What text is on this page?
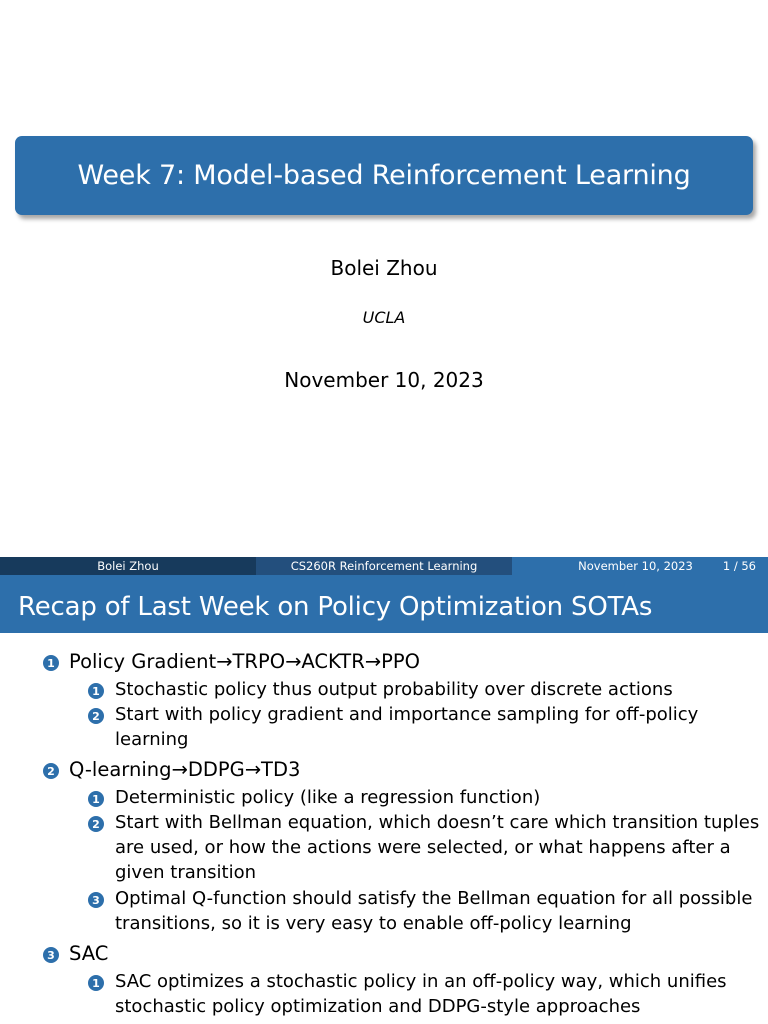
Week 7: Model-based Reinforcement Learning
Bolei Zhou
UCLA
November 10, 2023
Bolei Zhou	CS260R Reinforcement Learning	November 10, 2023	1 / 56
Recap of Last Week on Policy Optimization SOTAs
1 Policy Gradient→TRPO→ACKTR→PPO
1 Stochastic policy thus output probability over discrete actions
2 Start with policy gradient and importance sampling for off-policy
learning
2 Q-learning→DDPG→TD3
1 Deterministic policy (like a regression function)
2 Start with Bellman equation, which doesn’t care which transition tuples
are used, or how the actions were selected, or what happens after a
given transition
3 Optimal Q-function should satisfy the Bellman equation for all possible
transitions, so it is very easy to enable off-policy learning
3 SAC
1 SAC optimizes a stochastic policy in an off-policy way, which unifies
stochastic policy optimization and DDPG-style approaches
